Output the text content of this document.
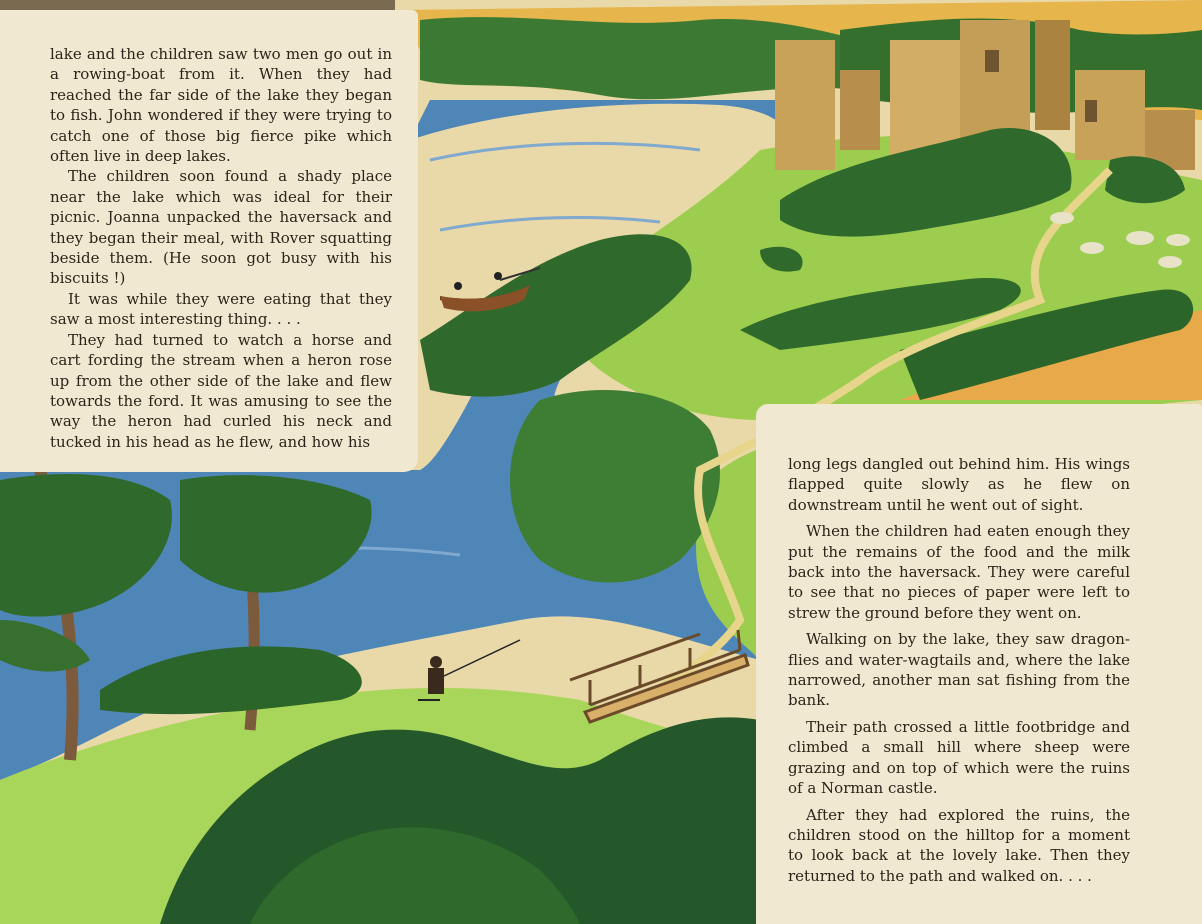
lake and the children saw two men go out in a rowing-boat from it. When they had reached the far side of the lake they began to fish. John wondered if they were trying to catch one of those big fierce pike which often live in deep lakes.

The children soon found a shady place near the lake which was ideal for their picnic. Joanna unpacked the haversack and they began their meal, with Rover squatting beside them. (He soon got busy with his biscuits !)

It was while they were eating that they saw a most interesting thing. . . .

They had turned to watch a horse and cart fording the stream when a heron rose up from the other side of the lake and flew towards the ford. It was amusing to see the way the heron had curled his neck and tucked in his head as he flew, and how his

long legs dangled out behind him. His wings flapped quite slowly as he flew on downstream until he went out of sight.

When the children had eaten enough they put the remains of the food and the milk back into the haversack. They were careful to see that no pieces of paper were left to strew the ground before they went on.

Walking on by the lake, they saw dragon-flies and water-wagtails and, where the lake narrowed, another man sat fishing from the bank.

Their path crossed a little footbridge and climbed a small hill where sheep were grazing and on top of which were the ruins of a Norman castle.

After they had explored the ruins, the children stood on the hilltop for a moment to look back at the lovely lake. Then they returned to the path and walked on. . . .
